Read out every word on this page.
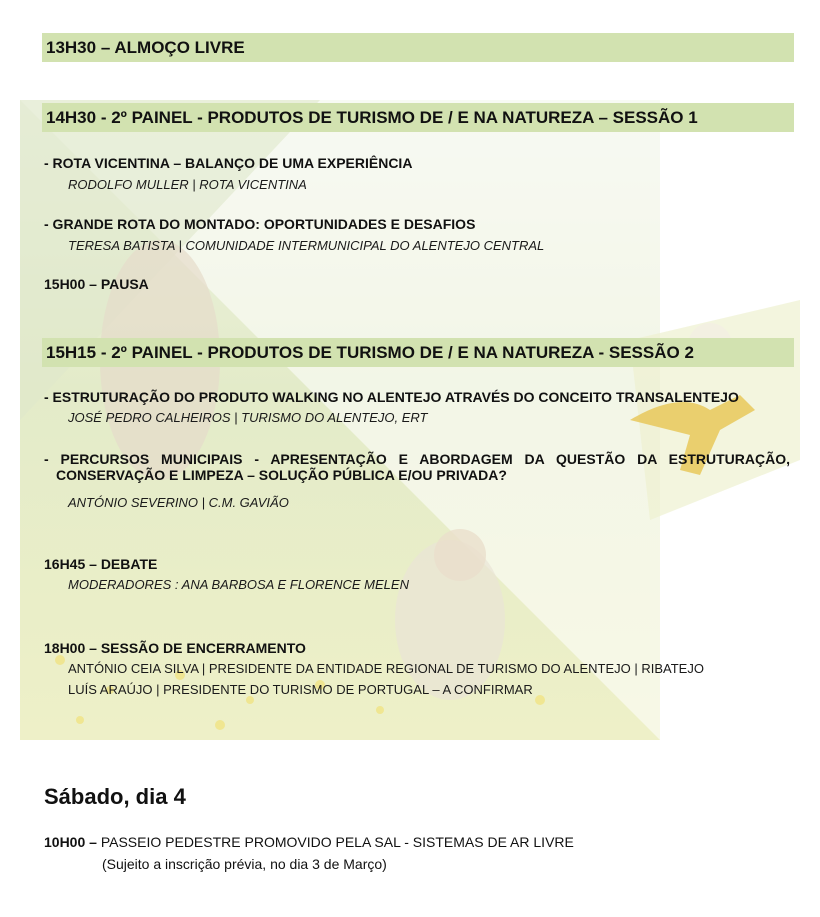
13H30 – ALMOÇO LIVRE
14H30 - 2º PAINEL - PRODUTOS DE TURISMO DE / E NA NATUREZA – SESSÃO 1
- ROTA VICENTINA – BALANÇO DE UMA EXPERIÊNCIA
RODOLFO MULLER | ROTA VICENTINA
- GRANDE ROTA DO MONTADO: OPORTUNIDADES E DESAFIOS
TERESA BATISTA | COMUNIDADE INTERMUNICIPAL DO ALENTEJO CENTRAL
15H00 – PAUSA
15H15 - 2º PAINEL - PRODUTOS DE TURISMO DE / E NA NATUREZA - SESSÃO 2
- ESTRUTURAÇÃO DO PRODUTO WALKING NO ALENTEJO ATRAVÉS DO CONCEITO TRANSALENTEJO
JOSÉ PEDRO CALHEIROS | TURISMO DO ALENTEJO, ERT
- PERCURSOS MUNICIPAIS - APRESENTAÇÃO E ABORDAGEM DA QUESTÃO DA ESTRUTURAÇÃO,
CONSERVAÇÃO E LIMPEZA – SOLUÇÃO PÚBLICA E/OU PRIVADA?
ANTÓNIO SEVERINO | C.M. GAVIÃO
16H45 – DEBATE
MODERADORES : ANA BARBOSA E FLORENCE MELEN
18H00 – SESSÃO DE ENCERRAMENTO
ANTÓNIO CEIA SILVA | PRESIDENTE DA ENTIDADE REGIONAL DE TURISMO DO ALENTEJO | RIBATEJO
LUÍS ARAÚJO | PRESIDENTE DO TURISMO DE PORTUGAL – A CONFIRMAR
Sábado, dia 4
10H00 – PASSEIO PEDESTRE PROMOVIDO PELA SAL - SISTEMAS DE AR LIVRE
(Sujeito a inscrição prévia, no dia 3 de Março)
